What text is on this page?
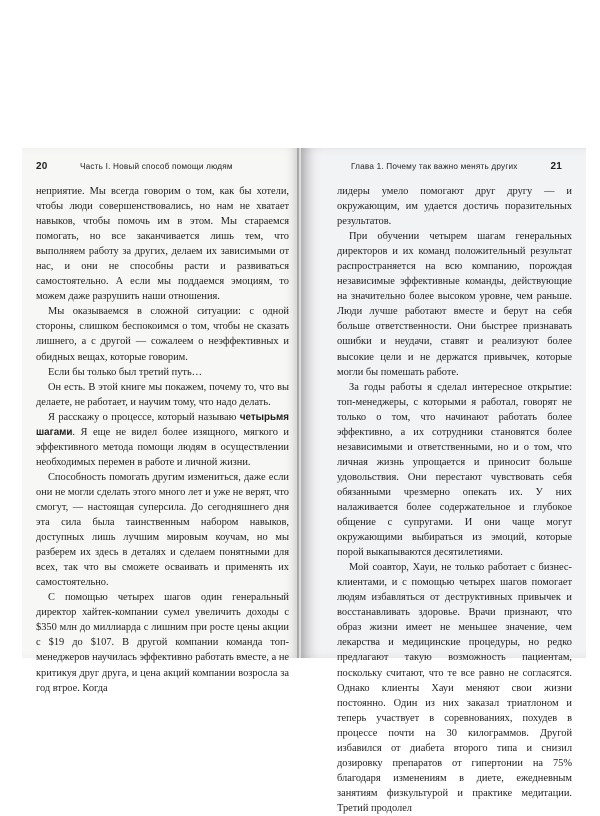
20	Часть I. Новый способ помощи людям

неприятие. Мы всегда говорим о том, как бы хотели, чтобы люди совершенствовались, но нам не хватает навыков, чтобы помочь им в этом. Мы стараемся помогать, но все заканчивается лишь тем, что выполняем работу за других, делаем их зависимыми от нас, и они не способны расти и развиваться самостоятельно. А если мы поддаемся эмоциям, то можем даже разрушить наши отношения.

Мы оказываемся в сложной ситуации: с одной стороны, слишком беспокоимся о том, чтобы не сказать лишнего, а с другой — сожалеем о неэффективных и обидных вещах, которые говорим.

Если бы только был третий путь…

Он есть. В этой книге мы покажем, почему то, что вы делаете, не работает, и научим тому, что надо делать.

Я расскажу о процессе, который называю четырьмя шагами. Я еще не видел более изящного, мягкого и эффективного метода помощи людям в осуществлении необходимых перемен в работе и личной жизни.

Способность помогать другим измениться, даже если они не могли сделать этого много лет и уже не верят, что смогут, — настоящая суперсила. До сегодняшнего дня эта сила была таинственным набором навыков, доступных лишь лучшим мировым коучам, но мы разберем их здесь в деталях и сделаем понятными для всех, так что вы сможете осваивать и применять их самостоятельно.

С помощью четырех шагов один генеральный директор хайтек-компании сумел увеличить доходы с $350 млн до миллиарда с лишним при росте цены акции с $19 до $107. В другой компании команда топ-менеджеров научилась эффективно работать вместе, а не критикуя друг друга, и цена акций компании возросла за год втрое. Когда

Глава 1. Почему так важно менять других	21

лидеры умело помогают друг другу — и окружающим, им удается достичь поразительных результатов.

При обучении четырем шагам генеральных директоров и их команд положительный результат распространяется на всю компанию, порождая независимые эффективные команды, действующие на значительно более высоком уровне, чем раньше. Люди лучше работают вместе и берут на себя больше ответственности. Они быстрее признавать ошибки и неудачи, ставят и реализуют более высокие цели и не держатся привычек, которые могли бы помешать работе.

За годы работы я сделал интересное открытие: топ-менеджеры, с которыми я работал, говорят не только о том, что начинают работать более эффективно, а их сотрудники становятся более независимыми и ответственными, но и о том, что личная жизнь упрощается и приносит больше удовольствия. Они перестают чувствовать себя обязанными чрезмерно опекать их. У них налаживается более содержательное и глубокое общение с супругами. И они чаще могут окружающими выбираться из эмоций, которые порой выкапываются десятилетиями.

Мой соавтор, Хауи, не только работает с бизнес-клиентами, и с помощью четырех шагов помогает людям избавляться от деструктивных привычек и восстанавливать здоровье. Врачи признают, что образ жизни имеет не меньшее значение, чем лекарства и медицинские процедуры, но редко предлагают такую возможность пациентам, поскольку считают, что те все равно не согласятся. Однако клиенты Хауи меняют свои жизни постоянно. Один из них заказал триатлоном и теперь участвует в соревнованиях, похудев в процессе почти на 30 килограммов. Другой избавился от диабета второго типа и снизил дозировку препаратов от гипертонии на 75% благодаря изменениям в диете, ежедневным занятиям физкультурой и практике медитации. Третий продолел
